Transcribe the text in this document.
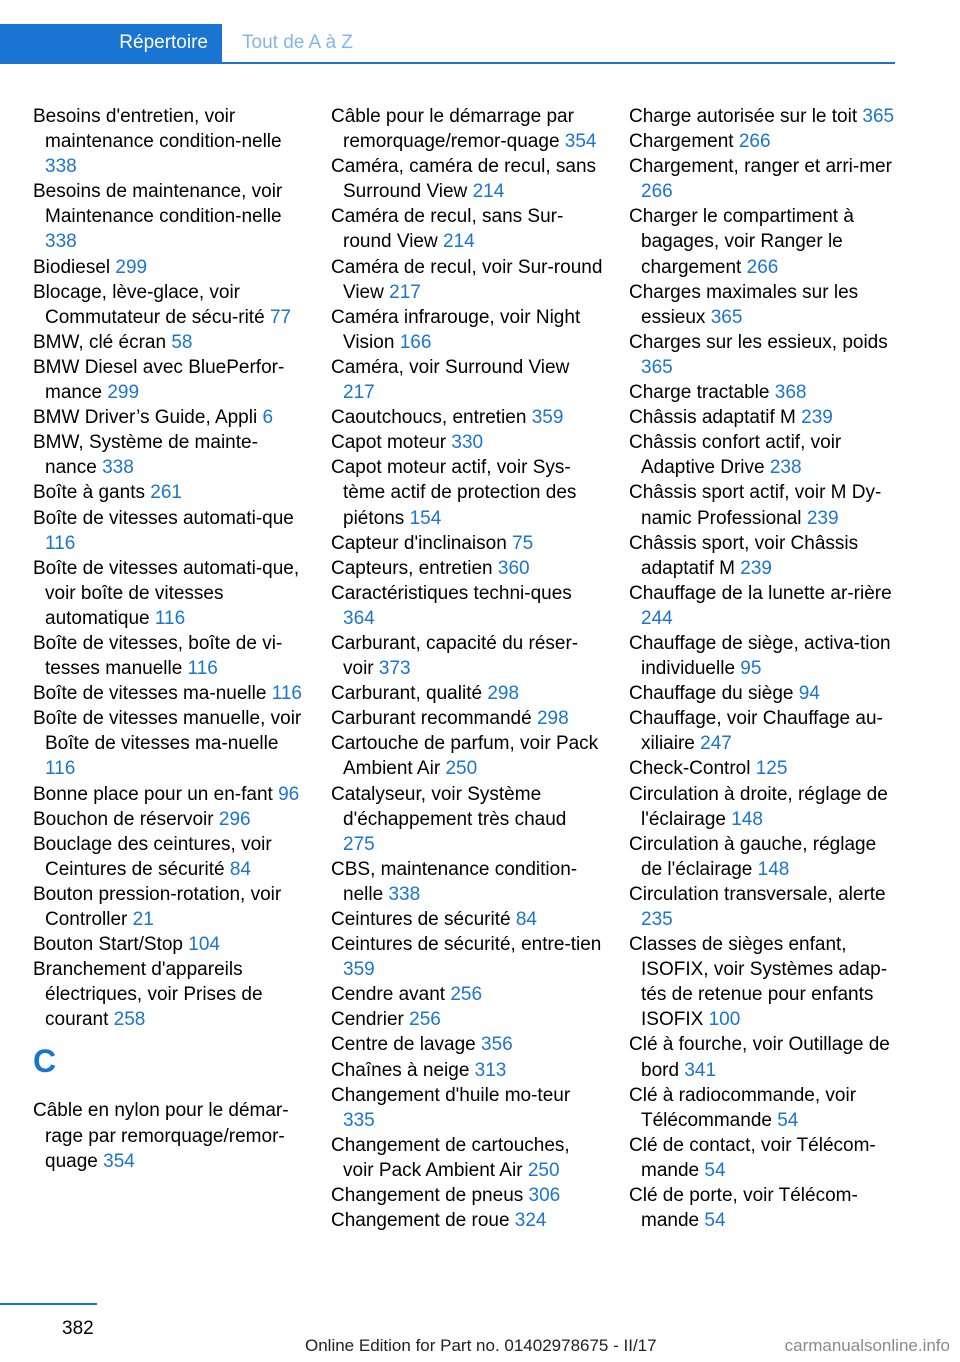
Répertoire	Tout de A à Z
Besoins d'entretien, voir maintenance condition-nelle 338
Besoins de maintenance, voir Maintenance condition-nelle 338
Biodiesel 299
Blocage, lève-glace, voir Commutateur de sécu-rité 77
BMW, clé écran 58
BMW Diesel avec BluePerfor-mance 299
BMW Driver’s Guide, Appli 6
BMW, Système de mainte-nance 338
Boîte à gants 261
Boîte de vitesses automati-que 116
Boîte de vitesses automati-que, voir boîte de vitesses automatique 116
Boîte de vitesses, boîte de vi-tesses manuelle 116
Boîte de vitesses ma-nuelle 116
Boîte de vitesses manuelle, voir Boîte de vitesses ma-nuelle 116
Bonne place pour un en-fant 96
Bouchon de réservoir 296
Bouclage des ceintures, voir Ceintures de sécurité 84
Bouton pression-rotation, voir Controller 21
Bouton Start/Stop 104
Branchement d'appareils électriques, voir Prises de courant 258
C
Câble en nylon pour le démar-rage par remorquage/remor-quage 354
Câble pour le démarrage par remorquage/remor-quage 354
Caméra, caméra de recul, sans Surround View 214
Caméra de recul, sans Sur-round View 214
Caméra de recul, voir Sur-round View 217
Caméra infrarouge, voir Night Vision 166
Caméra, voir Surround View 217
Caoutchoucs, entretien 359
Capot moteur 330
Capot moteur actif, voir Sys-tème actif de protection des piétons 154
Capteur d'inclinaison 75
Capteurs, entretien 360
Caractéristiques techni-ques 364
Carburant, capacité du réser-voir 373
Carburant, qualité 298
Carburant recommandé 298
Cartouche de parfum, voir Pack Ambient Air 250
Catalyseur, voir Système d'échappement très chaud 275
CBS, maintenance condition-nelle 338
Ceintures de sécurité 84
Ceintures de sécurité, entre-tien 359
Cendre avant 256
Cendrier 256
Centre de lavage 356
Chaînes à neige 313
Changement d'huile mo-teur 335
Changement de cartouches, voir Pack Ambient Air 250
Changement de pneus 306
Changement de roue 324
Charge autorisée sur le toit 365
Chargement 266
Chargement, ranger et arri-mer 266
Charger le compartiment à bagages, voir Ranger le chargement 266
Charges maximales sur les essieux 365
Charges sur les essieux, poids 365
Charge tractable 368
Châssis adaptatif M 239
Châssis confort actif, voir Adaptive Drive 238
Châssis sport actif, voir M Dy-namic Professional 239
Châssis sport, voir Châssis adaptatif M 239
Chauffage de la lunette ar-rière 244
Chauffage de siège, activa-tion individuelle 95
Chauffage du siège 94
Chauffage, voir Chauffage au-xiliaire 247
Check-Control 125
Circulation à droite, réglage de l'éclairage 148
Circulation à gauche, réglage de l'éclairage 148
Circulation transversale, alerte 235
Classes de sièges enfant, ISOFIX, voir Systèmes adap-tés de retenue pour enfants ISOFIX 100
Clé à fourche, voir Outillage de bord 341
Clé à radiocommande, voir Télécommande 54
Clé de contact, voir Télécom-mande 54
Clé de porte, voir Télécom-mande 54
382
Online Edition for Part no. 01402978675 - II/17	carmanualsonline.info
